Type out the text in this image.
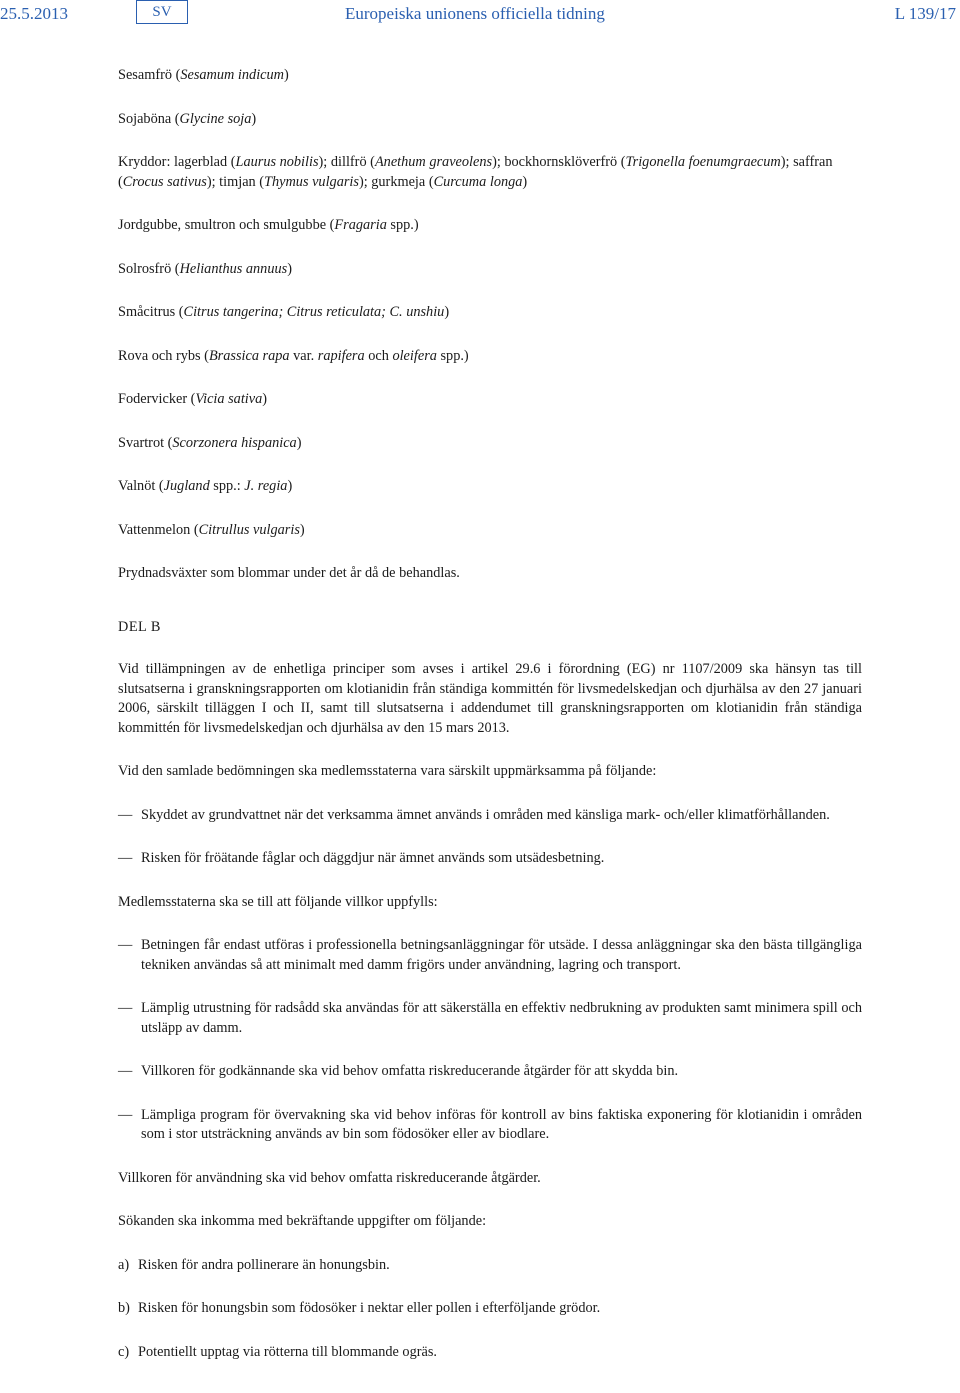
25.5.2013	SV	Europeiska unionens officiella tidning	L 139/17
Sesamfrö (Sesamum indicum)
Sojaböna (Glycine soja)
Kryddor: lagerblad (Laurus nobilis); dillfrö (Anethum graveolens); bockhornsklöverfrö (Trigonella foenumgraecum); saffran (Crocus sativus); timjan (Thymus vulgaris); gurkmeja (Curcuma longa)
Jordgubbe, smultron och smulgubbe (Fragaria spp.)
Solrosfrö (Helianthus annuus)
Småcitrus (Citrus tangerina; Citrus reticulata; C. unshiu)
Rova och rybs (Brassica rapa var. rapifera och oleifera spp.)
Fodervicker (Vicia sativa)
Svartrot (Scorzonera hispanica)
Valnöt (Jugland spp.: J. regia)
Vattenmelon (Citrullus vulgaris)
Prydnadsväxter som blommar under det år då de behandlas.
DEL B
Vid tillämpningen av de enhetliga principer som avses i artikel 29.6 i förordning (EG) nr 1107/2009 ska hänsyn tas till slutsatserna i granskningsrapporten om klotianidin från ständiga kommittén för livsmedelskedjan och djurhälsa av den 27 januari 2006, särskilt tilläggen I och II, samt till slutsatserna i addendumet till granskningsrapporten om klotianidin från ständiga kommittén för livsmedelskedjan och djurhälsa av den 15 mars 2013.
Vid den samlade bedömningen ska medlemsstaterna vara särskilt uppmärksamma på följande:
— Skyddet av grundvattnet när det verksamma ämnet används i områden med känsliga mark- och/eller klimatförhållanden.
— Risken för fröätande fåglar och däggdjur när ämnet används som utsädesbetning.
Medlemsstaterna ska se till att följande villkor uppfylls:
— Betningen får endast utföras i professionella betningsanläggningar för utsäde. I dessa anläggningar ska den bästa tillgängliga tekniken användas så att minimalt med damm frigörs under användning, lagring och transport.
— Lämplig utrustning för radsådd ska användas för att säkerställa en effektiv nedbrukning av produkten samt minimera spill och utsläpp av damm.
— Villkoren för godkännande ska vid behov omfatta riskreducerande åtgärder för att skydda bin.
— Lämpliga program för övervakning ska vid behov införas för kontroll av bins faktiska exponering för klotianidin i områden som i stor utsträckning används av bin som födosöker eller av biodlare.
Villkoren för användning ska vid behov omfatta riskreducerande åtgärder.
Sökanden ska inkomma med bekräftande uppgifter om följande:
a) Risken för andra pollinerare än honungsbin.
b) Risken för honungsbin som födosöker i nektar eller pollen i efterföljande grödor.
c) Potentiellt upptag via rötterna till blommande ogräs.
